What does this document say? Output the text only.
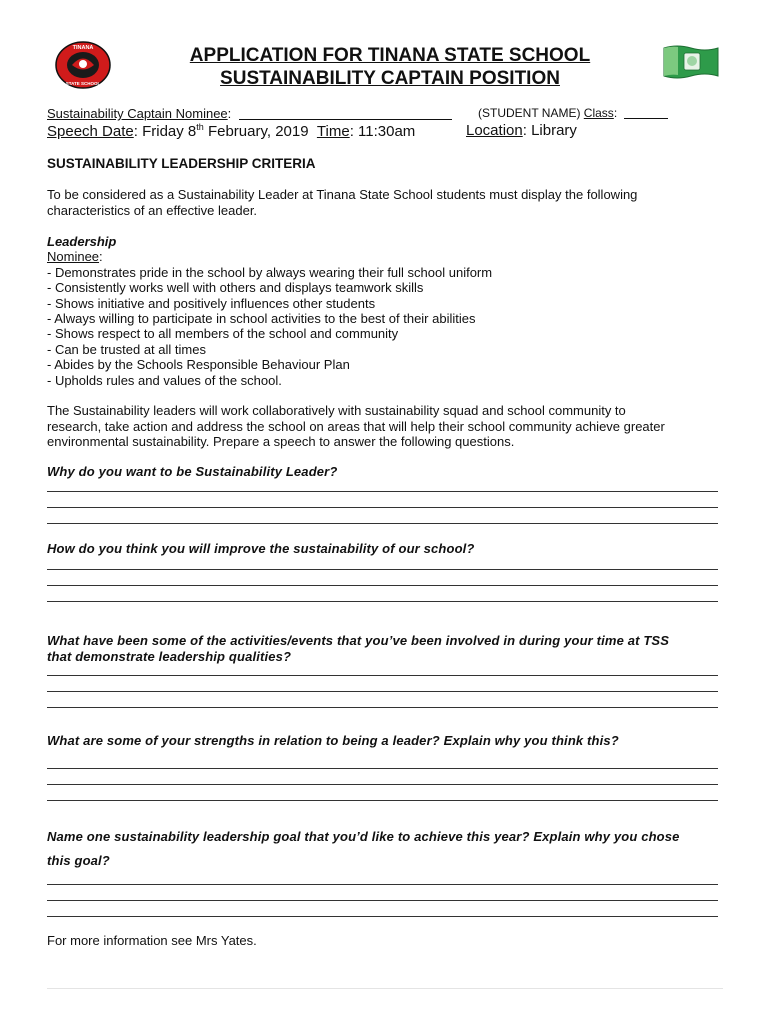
TINANA
STATE SCHOOL
APPLICATION FOR TINANA STATE SCHOOL
SUSTAINABILITY CAPTAIN POSITION
Sustainability Captain Nominee:	(STUDENT NAME) Class:
Speech Date: Friday 8th February, 2019 Time: 11:30am	Location: Library
SUSTAINABILITY LEADERSHIP CRITERIA
To be considered as a Sustainability Leader at Tinana State School students must display the following
characteristics of an effective leader.
Leadership
Nominee:
- Demonstrates pride in the school by always wearing their full school uniform
- Consistently works well with others and displays teamwork skills
- Shows initiative and positively influences other students
- Always willing to participate in school activities to the best of their abilities
- Shows respect to all members of the school and community
- Can be trusted at all times
- Abides by the Schools Responsible Behaviour Plan
- Upholds rules and values of the school.
The Sustainability leaders will work collaboratively with sustainability squad and school community to
research, take action and address the school on areas that will help their school community achieve greater
environmental sustainability. Prepare a speech to answer the following questions.
Why do you want to be Sustainability Leader?
How do you think you will improve the sustainability of our school?
What have been some of the activities/events that you’ve been involved in during your time at TSS
that demonstrate leadership qualities?
What are some of your strengths in relation to being a leader? Explain why you think this?
Name one sustainability leadership goal that you’d like to achieve this year? Explain why you chose
this goal?
For more information see Mrs Yates.
